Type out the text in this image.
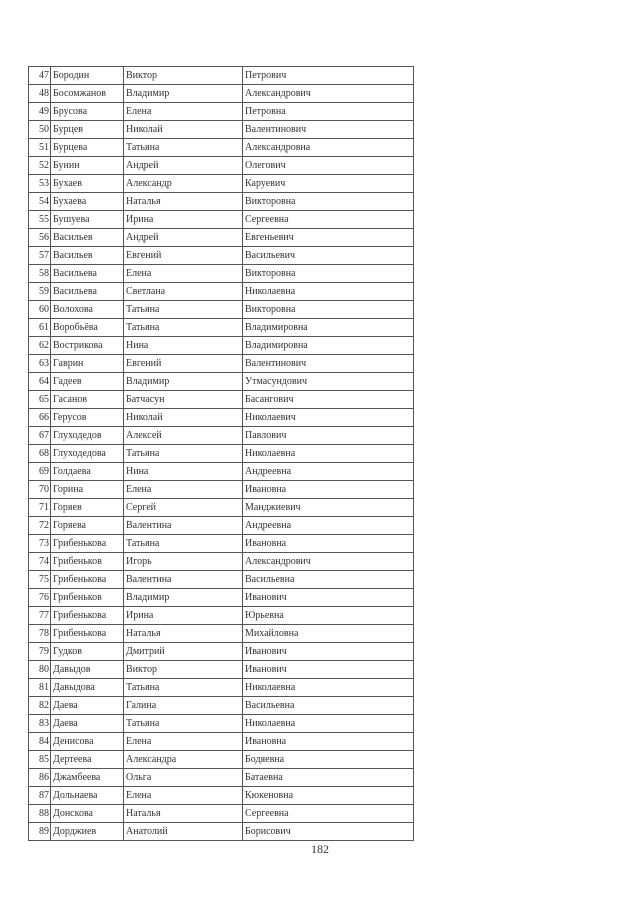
47	Бородин	Виктор	Петрович
48	Босомжанов	Владимир	Александрович
49	Брусова	Елена	Петровна
50	Бурцев	Николай	Валентинович
51	Бурцева	Татьяна	Александровна
52	Бунин	Андрей	Олегович
53	Бухаев	Александр	Каруевич
54	Бухаева	Наталья	Викторовна
55	Бушуева	Ирина	Сергеевна
56	Васильев	Андрей	Евгеньевич
57	Васильев	Евгений	Васильевич
58	Васильева	Елена	Викторовна
59	Васильева	Светлана	Николаевна
60	Волохова	Татьяна	Викторовна
61	Воробьёва	Татьяна	Владимировна
62	Вострикова	Нина	Владимировна
63	Гаврин	Евгений	Валентинович
64	Гадеев	Владимир	Утмасундович
65	Гасанов	Батчасун	Басангович
66	Герусов	Николай	Николаевич
67	Глуходедов	Алексей	Павлович
68	Глуходедова	Татьяна	Николаевна
69	Голдаева	Нина	Андреевна
70	Горина	Елена	Ивановна
71	Горяев	Сергей	Манджиевич
72	Горяева	Валентина	Андреевна
73	Грибенькова	Татьяна	Ивановна
74	Грибеньков	Игорь	Александрович
75	Грибенькова	Валентина	Васильевна
76	Грибеньков	Владимир	Иванович
77	Грибенькова	Ирина	Юрьевна
78	Грибенькова	Наталья	Михайловна
79	Гудков	Дмитрий	Иванович
80	Давыдов	Виктор	Иванович
81	Давыдова	Татьяна	Николаевна
82	Даева	Галина	Васильевна
83	Даева	Татьяна	Николаевна
84	Денисова	Елена	Ивановна
85	Дертеева	Александра	Бодяевна
86	Джамбеева	Ольга	Батаевна
87	Дольнаева	Елена	Кюкеновна
88	Донскова	Наталья	Сергеевна
89	Дорджиев	Анатолий	Борисович
182
